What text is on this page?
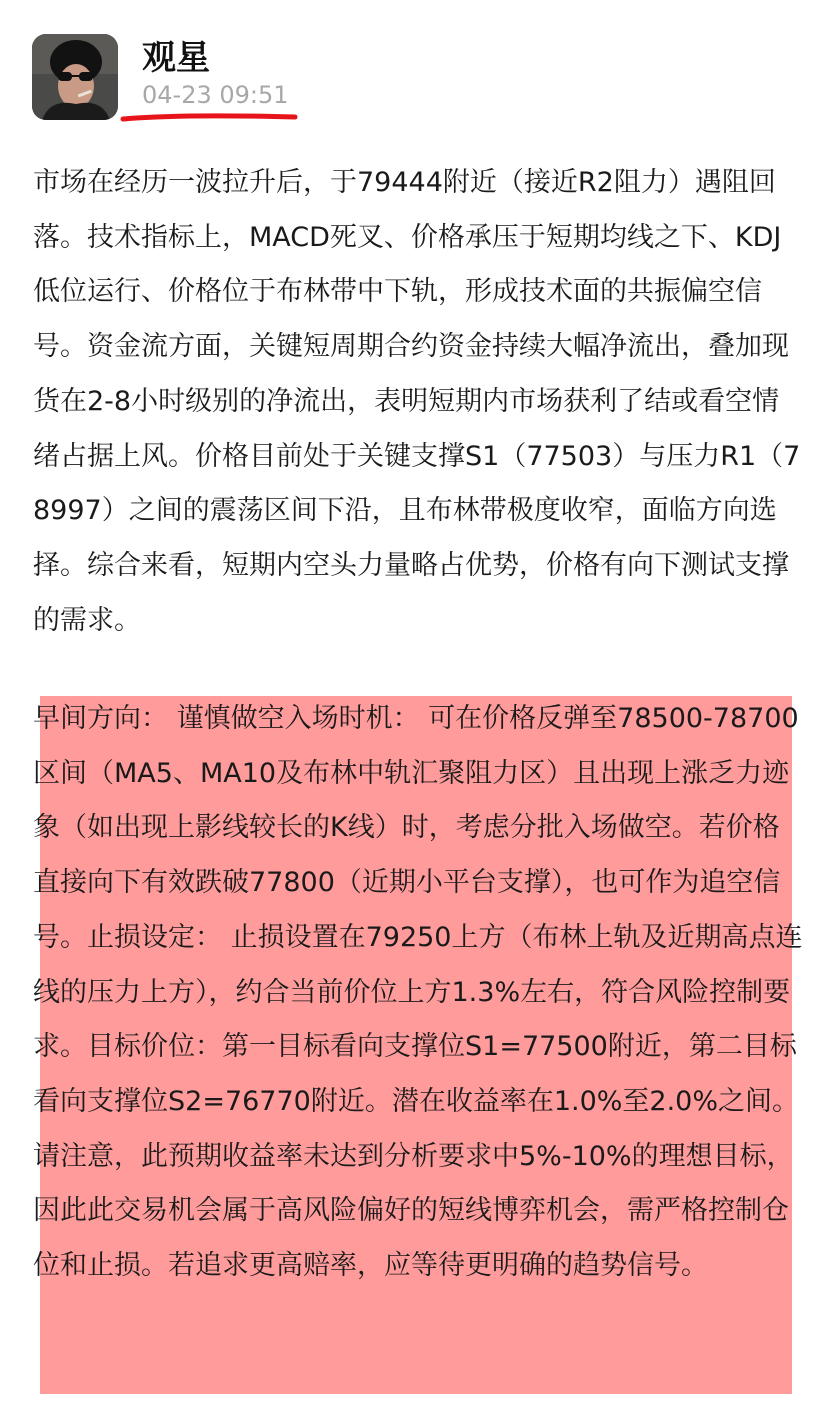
观星
04-23 09:51

市场在经历一波拉升后，于79444附近（接近R2阻力）遇阻回落。技术指标上，MACD死叉、价格承压于短期均线之下、KDJ低位运行、价格位于布林带中下轨，形成技术面的共振偏空信号。资金流方面，关键短周期合约资金持续大幅净流出，叠加现货在2-8小时级别的净流出，表明短期内市场获利了结或看空情绪占据上风。价格目前处于关键支撑S1（77503）与压力R1（78997）之间的震荡区间下沿，且布林带极度收窄，面临方向选择。综合来看，短期内空头力量略占优势，价格有向下测试支撑的需求。

早间方向： 谨慎做空入场时机： 可在价格反弹至78500-78700区间（MA5、MA10及布林中轨汇聚阻力区）且出现上涨乏力迹象（如出现上影线较长的K线）时，考虑分批入场做空。若价格直接向下有效跌破77800（近期小平台支撑），也可作为追空信号。止损设定： 止损设置在79250上方（布林上轨及近期高点连线的压力上方），约合当前价位上方1.3%左右，符合风险控制要求。目标价位：第一目标看向支撑位S1=77500附近，第二目标看向支撑位S2=76770附近。潜在收益率在1.0%至2.0%之间。请注意，此预期收益率未达到分析要求中5%-10%的理想目标，因此此交易机会属于高风险偏好的短线博弈机会，需严格控制仓位和止损。若追求更高赔率，应等待更明确的趋势信号。
